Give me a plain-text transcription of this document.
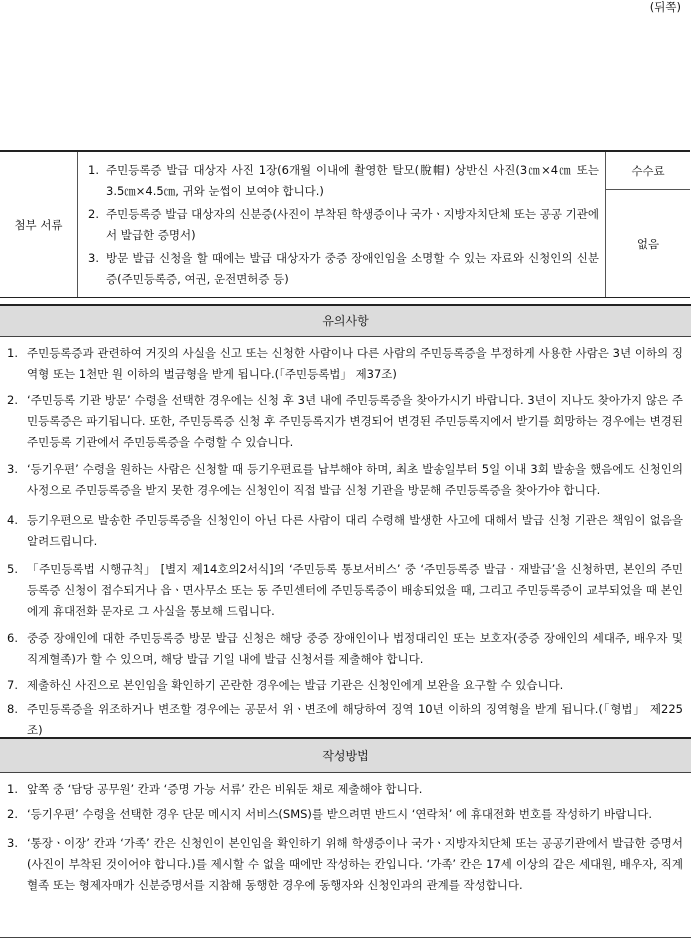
(뒤쪽)
첨부 서류
1. 주민등록증 발급 대상자 사진 1장(6개월 이내에 촬영한 탈모(脫帽) 상반신 사진(3㎝×4㎝ 또는 3.5㎝×4.5㎝, 귀와 눈썹이 보여야 합니다.)
2. 주민등록증 발급 대상자의 신분증(사진이 부착된 학생증이나 국가ㆍ지방자치단체 또는 공공 기관에서 발급한 증명서)
3. 방문 발급 신청을 할 때에는 발급 대상자가 중증 장애인임을 소명할 수 있는 자료와 신청인의 신분증(주민등록증, 여권, 운전면허증 등)
수수료
없음
유의사항
1. 주민등록증과 관련하여 거짓의 사실을 신고 또는 신청한 사람이나 다른 사람의 주민등록증을 부정하게 사용한 사람은 3년 이하의 징역형 또는 1천만 원 이하의 벌금형을 받게 됩니다.(「주민등록법」 제37조)
2. ‘주민등록 기관 방문’ 수령을 선택한 경우에는 신청 후 3년 내에 주민등록증을 찾아가시기 바랍니다. 3년이 지나도 찾아가지 않은 주민등록증은 파기됩니다. 또한, 주민등록증 신청 후 주민등록지가 변경되어 변경된 주민등록지에서 받기를 희망하는 경우에는 변경된 주민등록 기관에서 주민등록증을 수령할 수 있습니다.
3. ‘등기우편’ 수령을 원하는 사람은 신청할 때 등기우편료를 납부해야 하며, 최초 발송일부터 5일 이내 3회 발송을 했음에도 신청인의 사정으로 주민등록증을 받지 못한 경우에는 신청인이 직접 발급 신청 기관을 방문해 주민등록증을 찾아가야 합니다.
4. 등기우편으로 발송한 주민등록증을 신청인이 아닌 다른 사람이 대리 수령해 발생한 사고에 대해서 발급 신청 기관은 책임이 없음을 알려드립니다.
5. 「주민등록법 시행규칙」 [별지 제14호의2서식]의 ‘주민등록 통보서비스’ 중 ‘주민등록증 발급 · 재발급’을 신청하면, 본인의 주민등록증 신청이 접수되거나 읍ㆍ면사무소 또는 동 주민센터에 주민등록증이 배송되었을 때, 그리고 주민등록증이 교부되었을 때 본인에게 휴대전화 문자로 그 사실을 통보해 드립니다.
6. 중증 장애인에 대한 주민등록증 방문 발급 신청은 해당 중증 장애인이나 법정대리인 또는 보호자(중증 장애인의 세대주, 배우자 및 직계혈족)가 할 수 있으며, 해당 발급 기일 내에 발급 신청서를 제출해야 합니다.
7. 제출하신 사진으로 본인임을 확인하기 곤란한 경우에는 발급 기관은 신청인에게 보완을 요구할 수 있습니다.
8. 주민등록증을 위조하거나 변조할 경우에는 공문서 위ㆍ변조에 해당하여 징역 10년 이하의 징역형을 받게 됩니다.(「형법」 제225조)
작성방법
1. 앞쪽 중 ‘담당 공무원’ 칸과 ‘증명 가능 서류’ 칸은 비워둔 채로 제출해야 합니다.
2. ‘등기우편’ 수령을 선택한 경우 단문 메시지 서비스(SMS)를 받으려면 반드시 ‘연락처’ 에 휴대전화 번호를 작성하기 바랍니다.
3. ‘통장ㆍ이장’ 칸과 ‘가족’ 칸은 신청인이 본인임을 확인하기 위해 학생증이나 국가ㆍ지방자치단체 또는 공공기관에서 발급한 증명서(사진이 부착된 것이어야 합니다.)를 제시할 수 없을 때에만 작성하는 칸입니다. ‘가족’ 칸은 17세 이상의 같은 세대원, 배우자, 직계혈족 또는 형제자매가 신분증명서를 지참해 동행한 경우에 동행자와 신청인과의 관계를 작성합니다.
